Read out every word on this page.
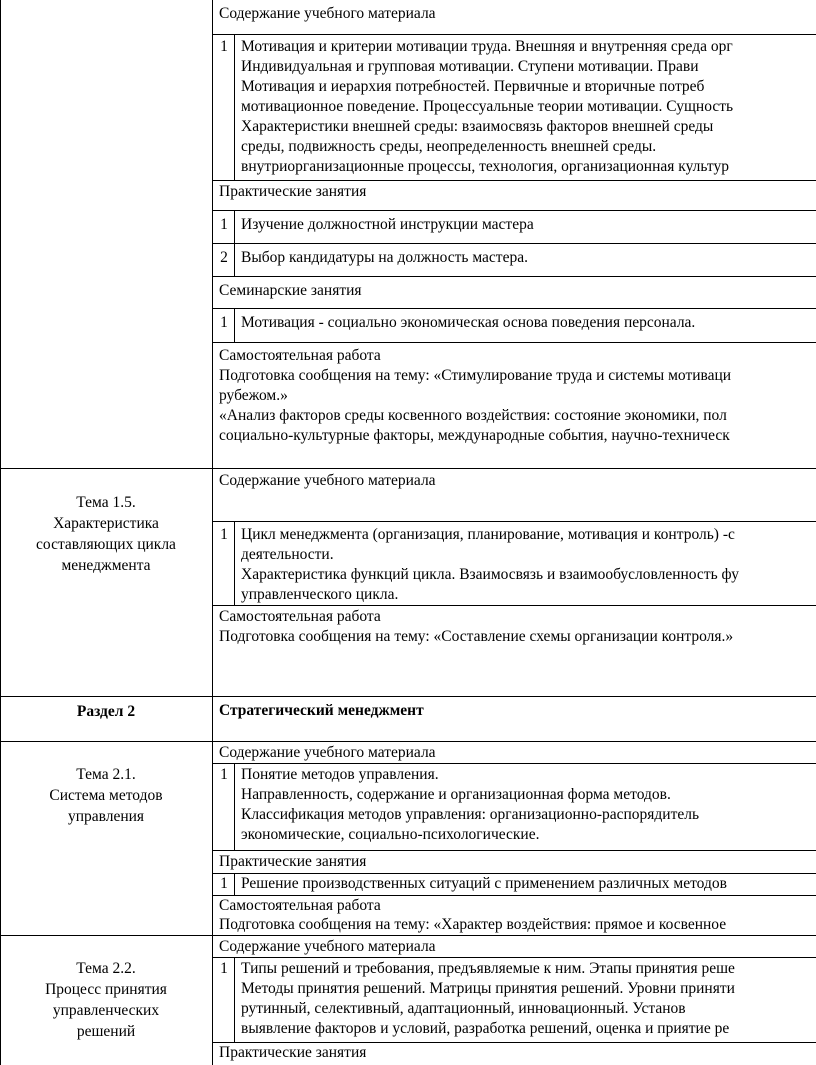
Содержание учебного материала
1 Мотивация и критерии мотивации труда. Внешняя и внутренняя среда орг
Индивидуальная и групповая мотивации. Ступени мотивации. Прави
Мотивация и иерархия потребностей. Первичные и вторичные потреб
мотивационное поведение. Процессуальные теории мотивации. Сущность
Характеристики внешней среды: взаимосвязь факторов внешней среды
среды, подвижность среды, неопределенность внешней среды.
внутриорганизационные процессы, технология, организационная культур
Практические занятия
1 Изучение должностной инструкции мастера
2 Выбор кандидатуры на должность мастера.
Семинарские занятия
1 Мотивация - социально экономическая основа поведения персонала.
Самостоятельная работа
Подготовка сообщения на тему: «Стимулирование труда и системы мотиваци
рубежом.»
«Анализ факторов среды косвенного воздействия: состояние экономики, пол
социально-культурные факторы, международные события, научно-техническ
Тема 1.5.
Характеристика
составляющих цикла
менеджмента
Содержание учебного материала
1 Цикл менеджмента (организация, планирование, мотивация и контроль) -с
деятельности.
Характеристика функций цикла. Взаимосвязь и взаимообусловленность фу
управленческого цикла.
Самостоятельная работа
Подготовка сообщения на тему: «Составление схемы организации контроля.»
Раздел 2	Стратегический менеджмент
Тема 2.1.
Система методов
управления
Содержание учебного материала
1 Понятие методов управления.
Направленность, содержание и организационная форма методов.
Классификация методов управления: организационно-распорядитель
экономические, социально-психологические.
Практические занятия
1 Решение производственных ситуаций с применением различных методов
Самостоятельная работа
Подготовка сообщения на тему: «Характер воздействия: прямое и косвенное
Тема 2.2.
Процесс принятия
управленческих
решений
Содержание учебного материала
1 Типы решений и требования, предъявляемые к ним. Этапы принятия реше
Методы принятия решений. Матрицы принятия решений. Уровни приняти
рутинный, селективный, адаптационный, инновационный. Установ
выявление факторов и условий, разработка решений, оценка и приятие ре
Практические занятия
